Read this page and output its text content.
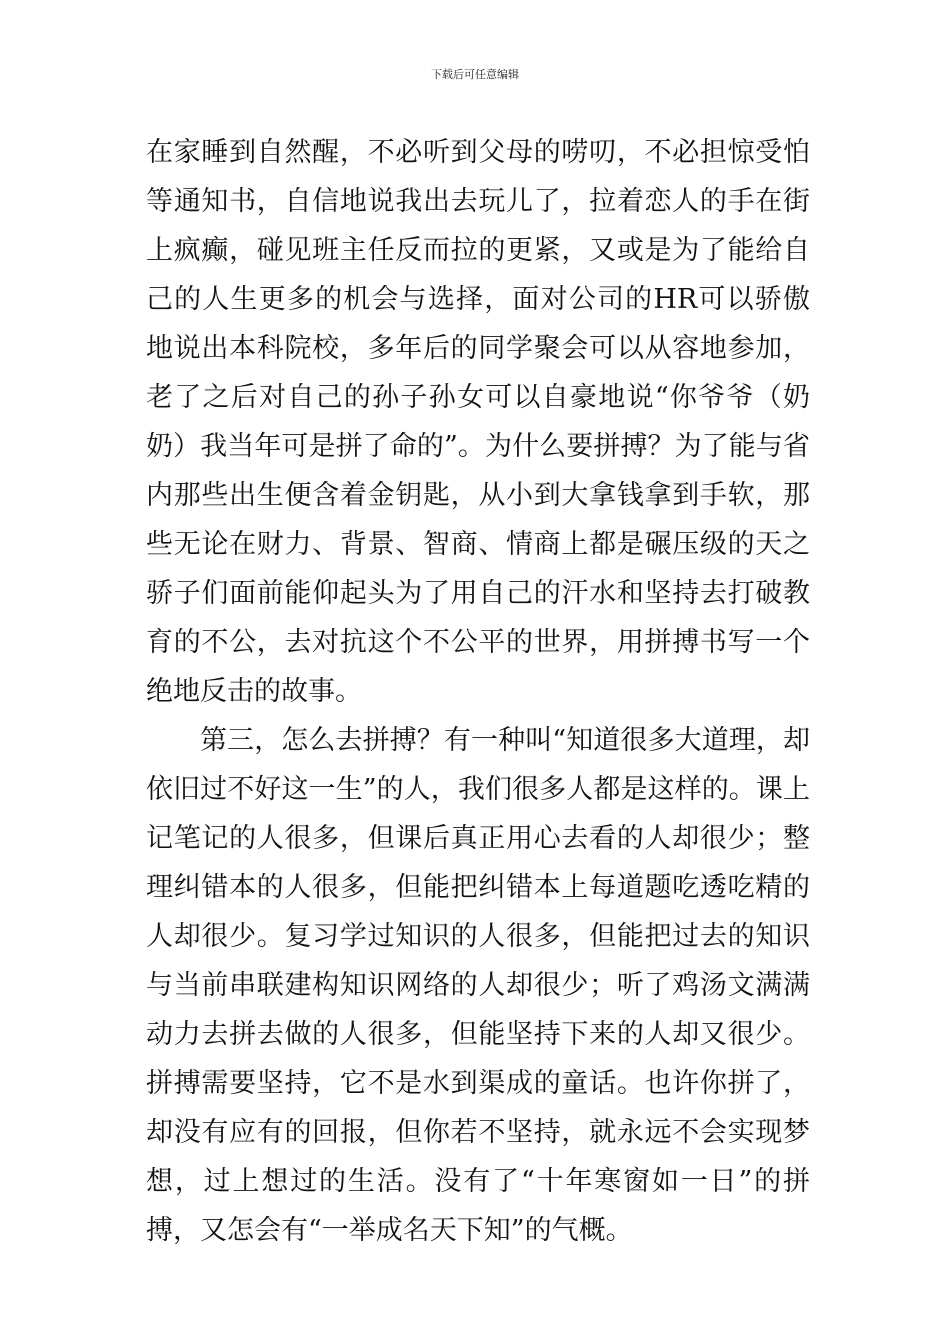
下载后可任意编辑

在家睡到自然醒，不必听到父母的唠叨，不必担惊受怕等通知书，自信地说我出去玩儿了，拉着恋人的手在街上疯癫，碰见班主任反而拉的更紧，又或是为了能给自己的人生更多的机会与选择，面对公司的HR可以骄傲地说出本科院校，多年后的同学聚会可以从容地参加，老了之后对自己的孙子孙女可以自豪地说“你爷爷（奶奶）我当年可是拼了命的”。为什么要拼搏？为了能与省内那些出生便含着金钥匙，从小到大拿钱拿到手软，那些无论在财力、背景、智商、情商上都是碾压级的天之骄子们面前能仰起头为了用自己的汗水和坚持去打破教育的不公，去对抗这个不公平的世界，用拼搏书写一个绝地反击的故事。

第三，怎么去拼搏？有一种叫“知道很多大道理，却依旧过不好这一生”的人，我们很多人都是这样的。课上记笔记的人很多，但课后真正用心去看的人却很少；整理纠错本的人很多，但能把纠错本上每道题吃透吃精的人却很少。复习学过知识的人很多，但能把过去的知识与当前串联建构知识网络的人却很少；听了鸡汤文满满动力去拼去做的人很多，但能坚持下来的人却又很少。拼搏需要坚持，它不是水到渠成的童话。也许你拼了，却没有应有的回报，但你若不坚持，就永远不会实现梦想，过上想过的生活。没有了“十年寒窗如一日”的拼搏，又怎会有“一举成名天下知”的气概。
